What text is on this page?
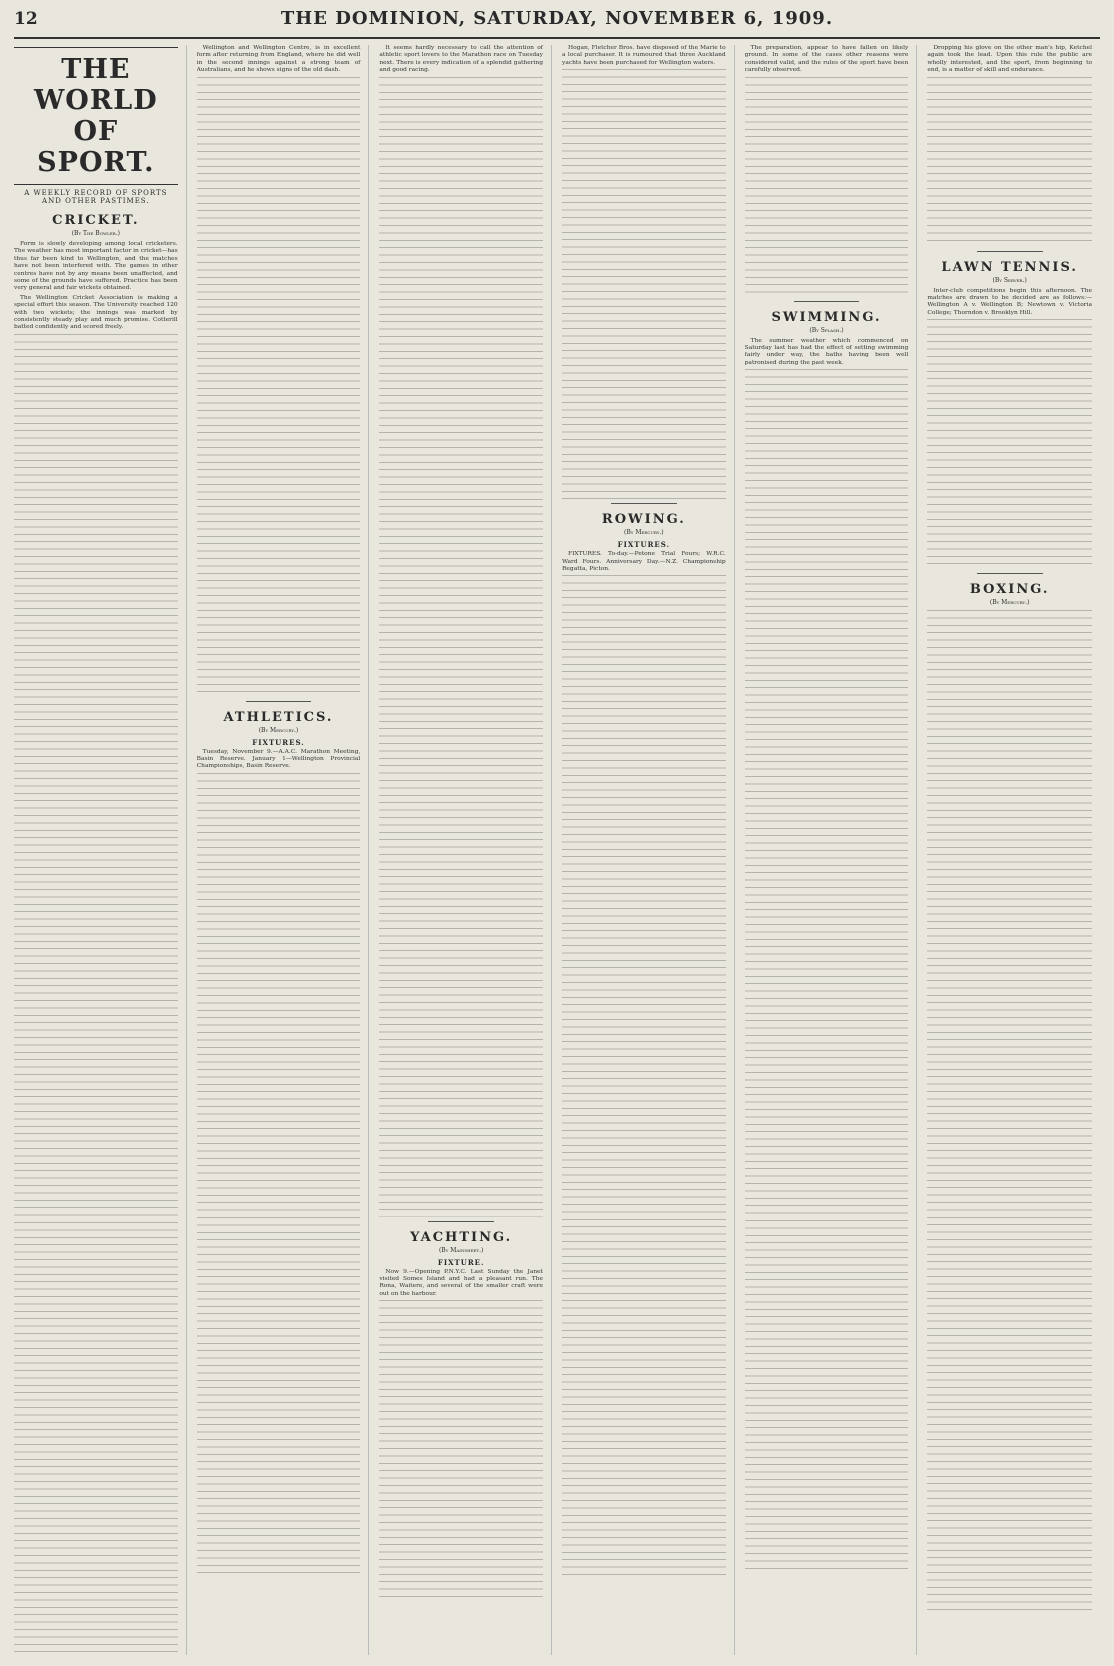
12	THE DOMINION, SATURDAY, NOVEMBER 6, 1909.
THE WORLD OF SPORT.
A WEEKLY RECORD OF SPORTS AND OTHER PASTIMES.
CRICKET.
(By The Bowler.)

Form is slowly developing among local cricketers. The weather has most important factor in cricket—has thus far been kind to Wellington, and the matches have not been interfered with. The games in other centres have not by any means been unaffected, and some of the grounds have suffered. Practice has been very general and fair wickets obtained.

The Wellington Cricket Association is making a special effort this season. The University reached 120 with two wickets; the innings was marked by consistently steady play and much promise. Cotterill batted confidently and scored freely.

Wellington and Wellington Centre, is in excellent form after returning from England, where he did well in the second innings against a strong team of Australians, and he shows signs of the old dash.

ATHLETICS.
(By Mercury.)
FIXTURES.

Tuesday, November 9.—A.A.C. Marathon Meeting, Basin Reserve. January 1—Wellington Provincial Championships, Basin Reserve.

It seems hardly necessary to call the attention of athletic sport lovers to the Marathon race on Tuesday next. There is every indication of a splendid gathering and good racing.

YACHTING.
(By Mainsheet.)
FIXTURE.

Now 9.—Opening P.N.Y.C. Last Sunday the Janet visited Somes Island and had a pleasant run. The Rona, Waitere, and several of the smaller craft were out on the harbour.

Hogan, Fletcher Bros. have disposed of the Marie to a local purchaser. It is rumoured that three Auckland yachts have been purchased for Wellington waters.

ROWING.
(By Mercury.)
FIXTURES.

FIXTURES. To-day.—Petone Trial Fours; W.R.C. Ward Fours. Anniversary Day.—N.Z. Championship Regatta, Picton.

The preparation, appear to have fallen on likely ground. In some of the cases other reasons were considered valid, and the rules of the sport have been carefully observed.

SWIMMING.
(By Splash.)

The summer weather which commenced on Saturday last has had the effect of setting swimming fairly under way, the baths having been well patronised during the past week.

Dropping his glove on the other man's hip, Ketchel again took the lead. Upon this rule the public are wholly interested, and the sport, from beginning to end, is a matter of skill and endurance.

LAWN TENNIS.
(By Server.)

Inter-club competitions begin this afternoon. The matches are drawn to be decided are as follows:—Wellington A v. Wellington B; Newtown v. Victoria College; Thorndon v. Brooklyn Hill.

BOXING.
(By Mercury.)
